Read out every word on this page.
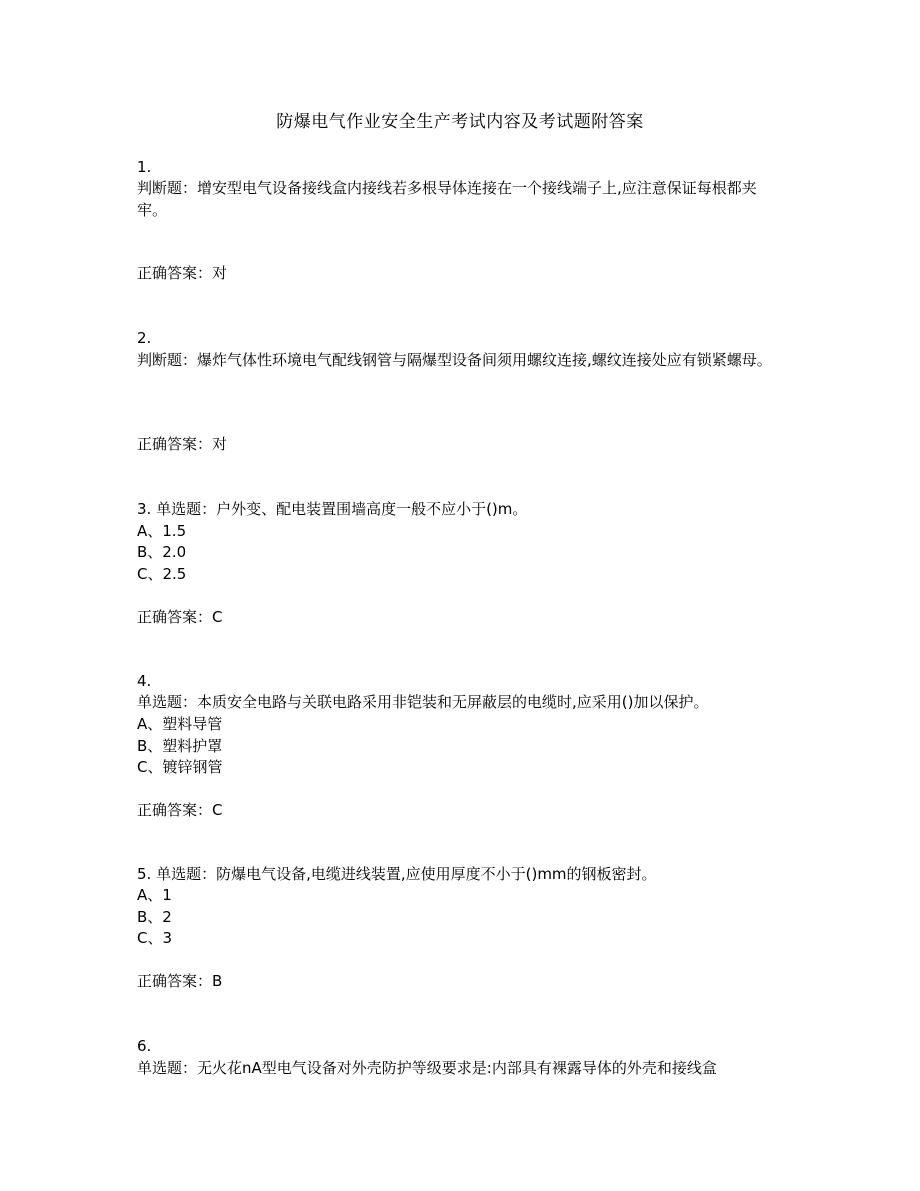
防爆电气作业安全生产考试内容及考试题附答案
1.
判断题：增安型电气设备接线盒内接线若多根导体连接在一个接线端子上,应注意保证每根都夹牢。
正确答案：对
2.
判断题：爆炸气体性环境电气配线钢管与隔爆型设备间须用螺纹连接,螺纹连接处应有锁紧螺母。
正确答案：对
3. 单选题：户外变、配电装置围墙高度一般不应小于()m。
A、1.5
B、2.0
C、2.5
正确答案：C
4.
单选题：本质安全电路与关联电路采用非铠装和无屏蔽层的电缆时,应采用()加以保护。
A、塑料导管
B、塑料护罩
C、镀锌钢管
正确答案：C
5. 单选题：防爆电气设备,电缆进线装置,应使用厚度不小于()mm的钢板密封。
A、1
B、2
C、3
正确答案：B
6.
单选题：无火花nA型电气设备对外壳防护等级要求是:内部具有裸露导体的外壳和接线盒
